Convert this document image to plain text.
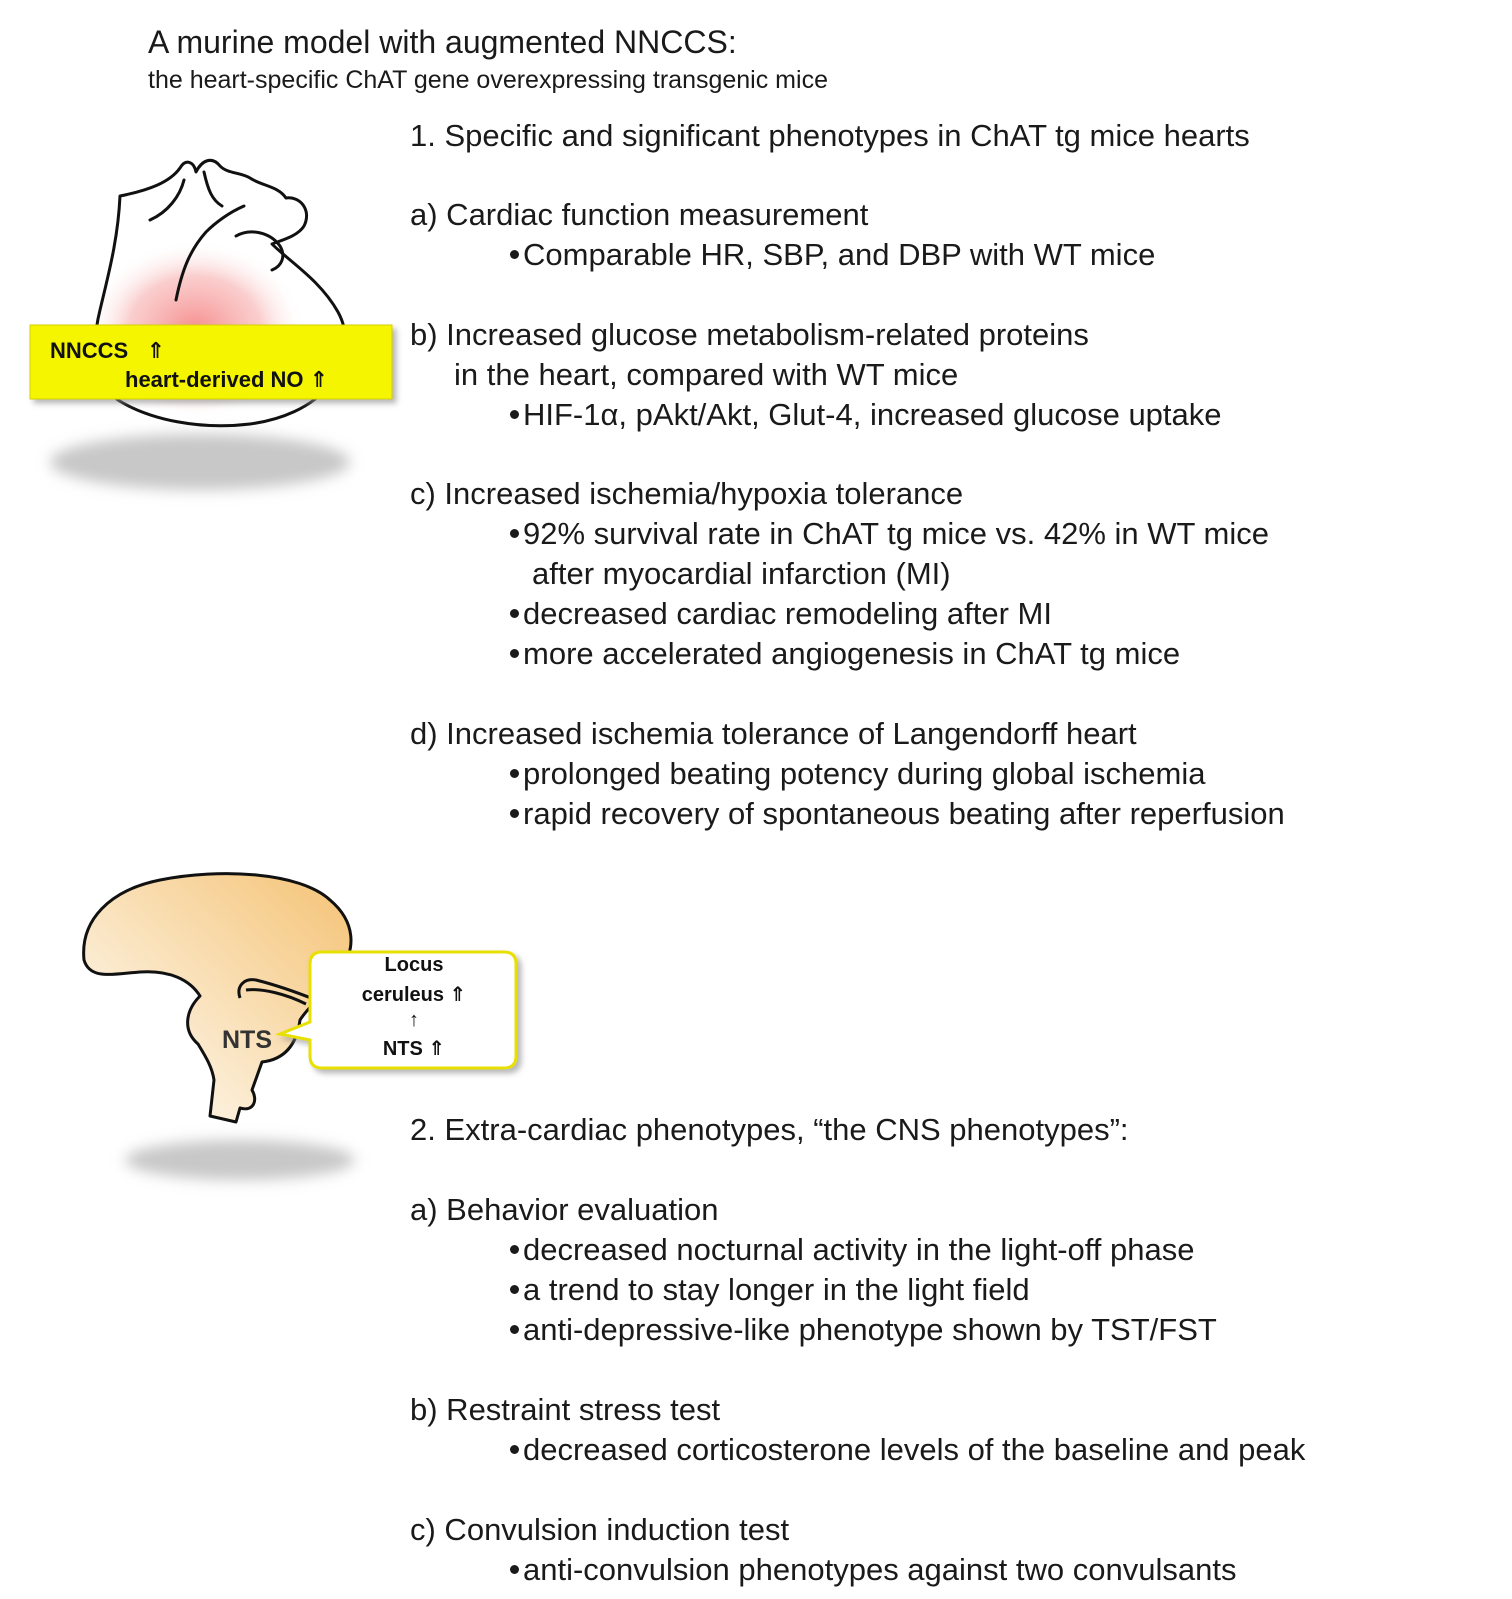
NNCCS ⇑
heart-derived NO ⇑
Locus
ceruleus ⇑
↑
NTS ⇑
NTS
A murine model with augmented NNCCS:
the heart-specific ChAT gene overexpressing transgenic mice
1. Specific and significant phenotypes in ChAT tg mice hearts
a) Cardiac function measurement
Comparable HR, SBP, and DBP with WT mice
b) Increased glucose metabolism-related proteins
in the heart, compared with WT mice
HIF-1α, pAkt/Akt, Glut-4, increased glucose uptake
c) Increased ischemia/hypoxia tolerance
92% survival rate in ChAT tg mice vs. 42% in WT mice
after myocardial infarction (MI)
decreased cardiac remodeling after MI
more accelerated angiogenesis in ChAT tg mice
d) Increased ischemia tolerance of Langendorff heart
prolonged beating potency during global ischemia
rapid recovery of spontaneous beating after reperfusion
2. Extra-cardiac phenotypes, “the CNS phenotypes”:
a) Behavior evaluation
decreased nocturnal activity in the light-off phase
a trend to stay longer in the light field
anti-depressive-like phenotype shown by TST/FST
b) Restraint stress test
decreased corticosterone levels of the baseline and peak
c) Convulsion induction test
anti-convulsion phenotypes against two convulsants
